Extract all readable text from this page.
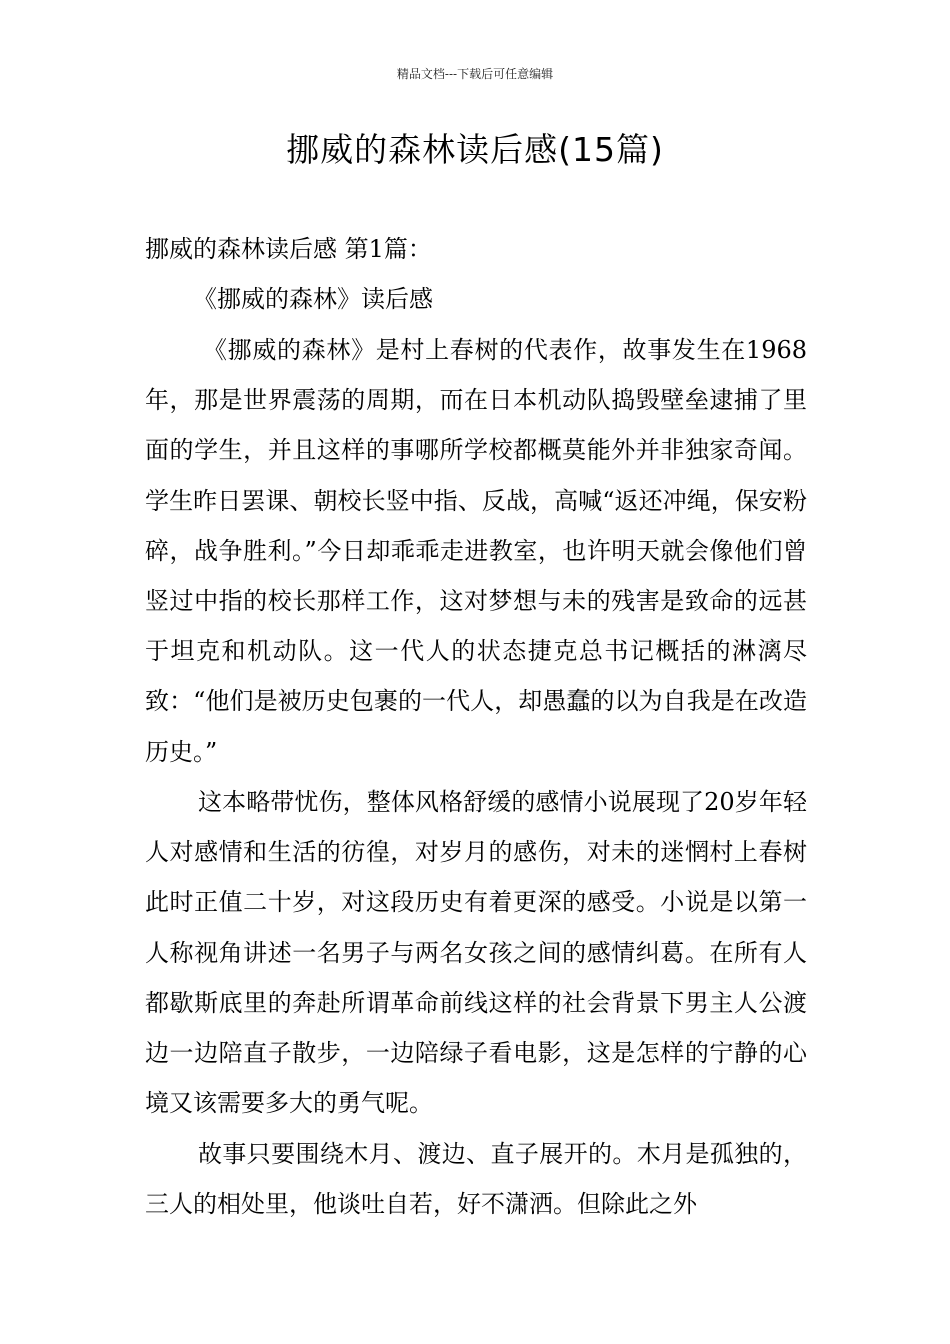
精品文档---下载后可任意编辑
挪威的森林读后感(15篇)
挪威的森林读后感 第1篇：
《挪威的森林》读后感

《挪威的森林》是村上春树的代表作，故事发生在1968年，那是世界震荡的周期，而在日本机动队捣毁壁垒逮捕了里面的学生，并且这样的事哪所学校都概莫能外并非独家奇闻。学生昨日罢课、朝校长竖中指、反战，高喊“返还冲绳，保安粉碎，战争胜利。”今日却乖乖走进教室，也许明天就会像他们曾竖过中指的校长那样工作，这对梦想与未的残害是致命的远甚于坦克和机动队。这一代人的状态捷克总书记概括的淋漓尽致：“他们是被历史包裹的一代人，却愚蠢的以为自我是在改造历史。”

这本略带忧伤，整体风格舒缓的感情小说展现了20岁年轻人对感情和生活的彷徨，对岁月的感伤，对未的迷惘村上春树此时正值二十岁，对这段历史有着更深的感受。小说是以第一人称视角讲述一名男子与两名女孩之间的感情纠葛。在所有人都歇斯底里的奔赴所谓革命前线这样的社会背景下男主人公渡边一边陪直子散步，一边陪绿子看电影，这是怎样的宁静的心境又该需要多大的勇气呢。

故事只要围绕木月、渡边、直子展开的。木月是孤独的，三人的相处里，他谈吐自若，好不潇洒。但除此之外
